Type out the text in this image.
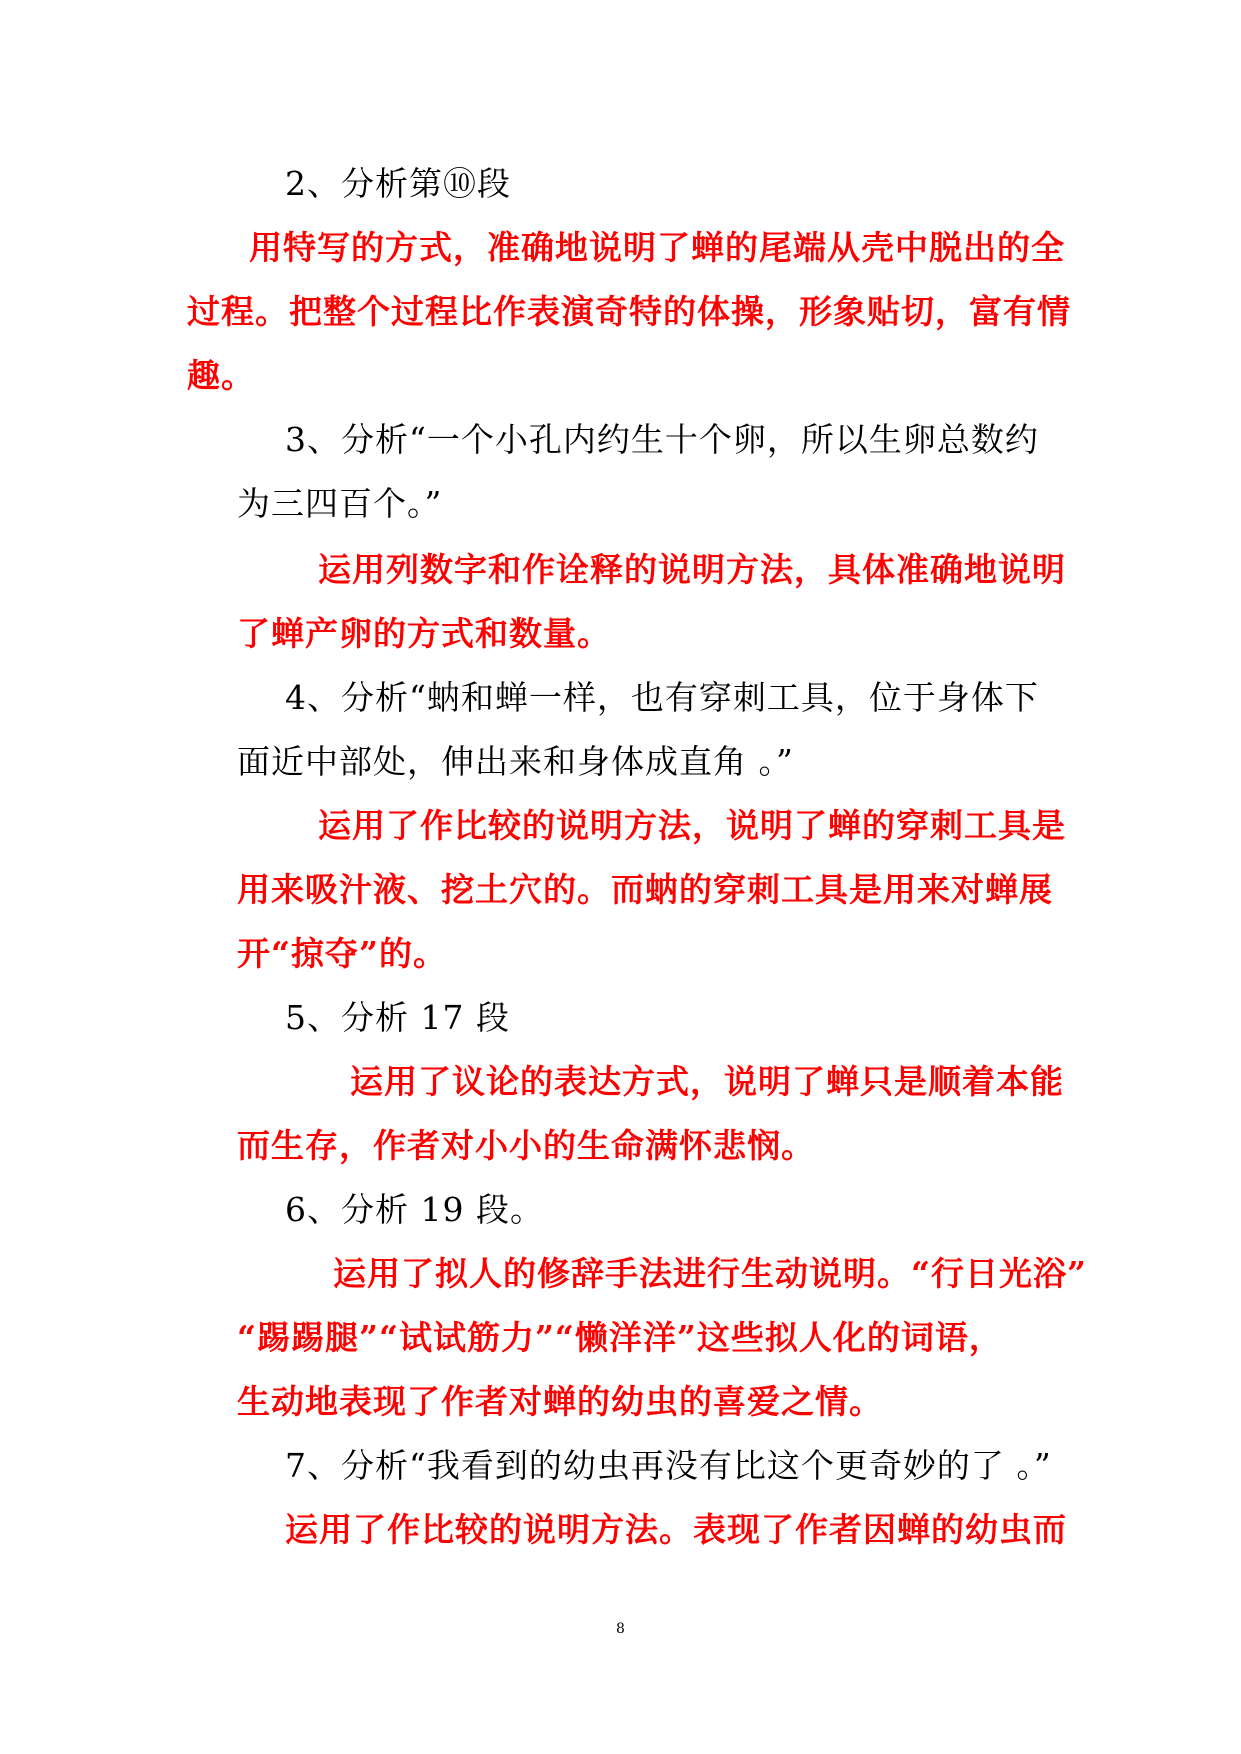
2、分析第⑩段
用特写的方式，准确地说明了蝉的尾端从壳中脱出的全
过程。把整个过程比作表演奇特的体操，形象贴切，富有情
趣。
3、分析“一个小孔内约生十个卵，所以生卵总数约
为三四百个。”
运用列数字和作诠释的说明方法，具体准确地说明
了蝉产卵的方式和数量。
4、分析“蚋和蝉一样，也有穿刺工具，位于身体下
面近中部处，伸出来和身体成直角 。”
运用了作比较的说明方法，说明了蝉的穿刺工具是
用来吸汁液、挖土穴的。而蚋的穿刺工具是用来对蝉展
开“掠夺”的。
5、分析 17 段
运用了议论的表达方式，说明了蝉只是顺着本能
而生存，作者对小小的生命满怀悲悯。
6、分析 19 段。
运用了拟人的修辞手法进行生动说明。“行日光浴”
“踢踢腿”“试试筋力”“懒洋洋”这些拟人化的词语，
生动地表现了作者对蝉的幼虫的喜爱之情。
7、分析“我看到的幼虫再没有比这个更奇妙的了 。”
运用了作比较的说明方法。表现了作者因蝉的幼虫而
8
